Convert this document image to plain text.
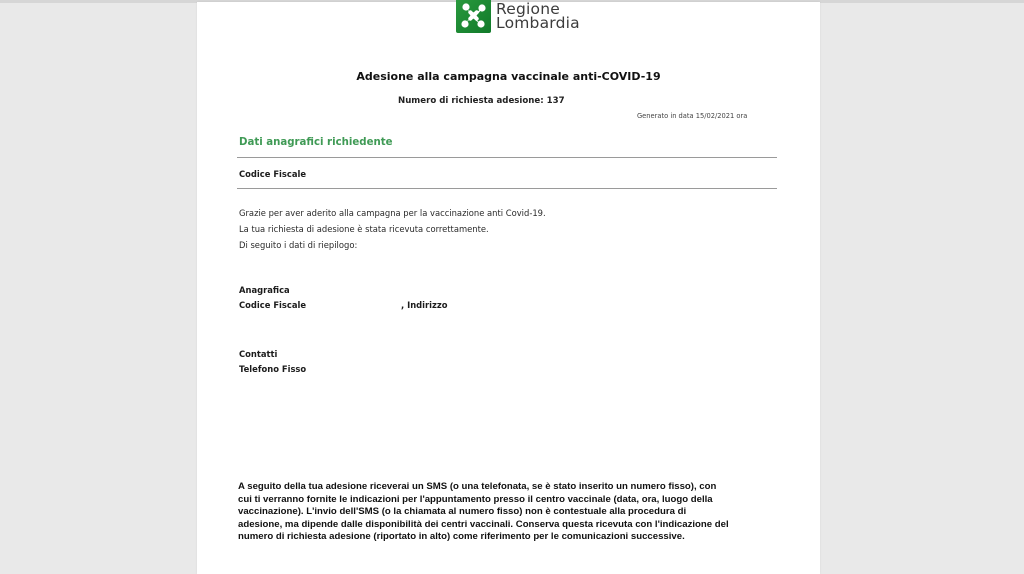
Regione
Lombardia
Adesione alla campagna vaccinale anti-COVID-19
Numero di richiesta adesione: 137
Generato in data 15/02/2021 ora
Dati anagrafici richiedente
Codice Fiscale
Grazie per aver aderito alla campagna per la vaccinazione anti Covid-19.
La tua richiesta di adesione è stata ricevuta correttamente.
Di seguito i dati di riepilogo:
Anagrafica
Codice Fiscale	, Indirizzo
Contatti
Telefono Fisso
A seguito della tua adesione riceverai un SMS (o una telefonata, se è stato inserito un numero fisso), con
cui ti verranno fornite le indicazioni per l'appuntamento presso il centro vaccinale (data, ora, luogo della
vaccinazione). L'invio dell'SMS (o la chiamata al numero fisso) non è contestuale alla procedura di
adesione, ma dipende dalle disponibilità dei centri vaccinali. Conserva questa ricevuta con l'indicazione del
numero di richiesta adesione (riportato in alto) come riferimento per le comunicazioni successive.
